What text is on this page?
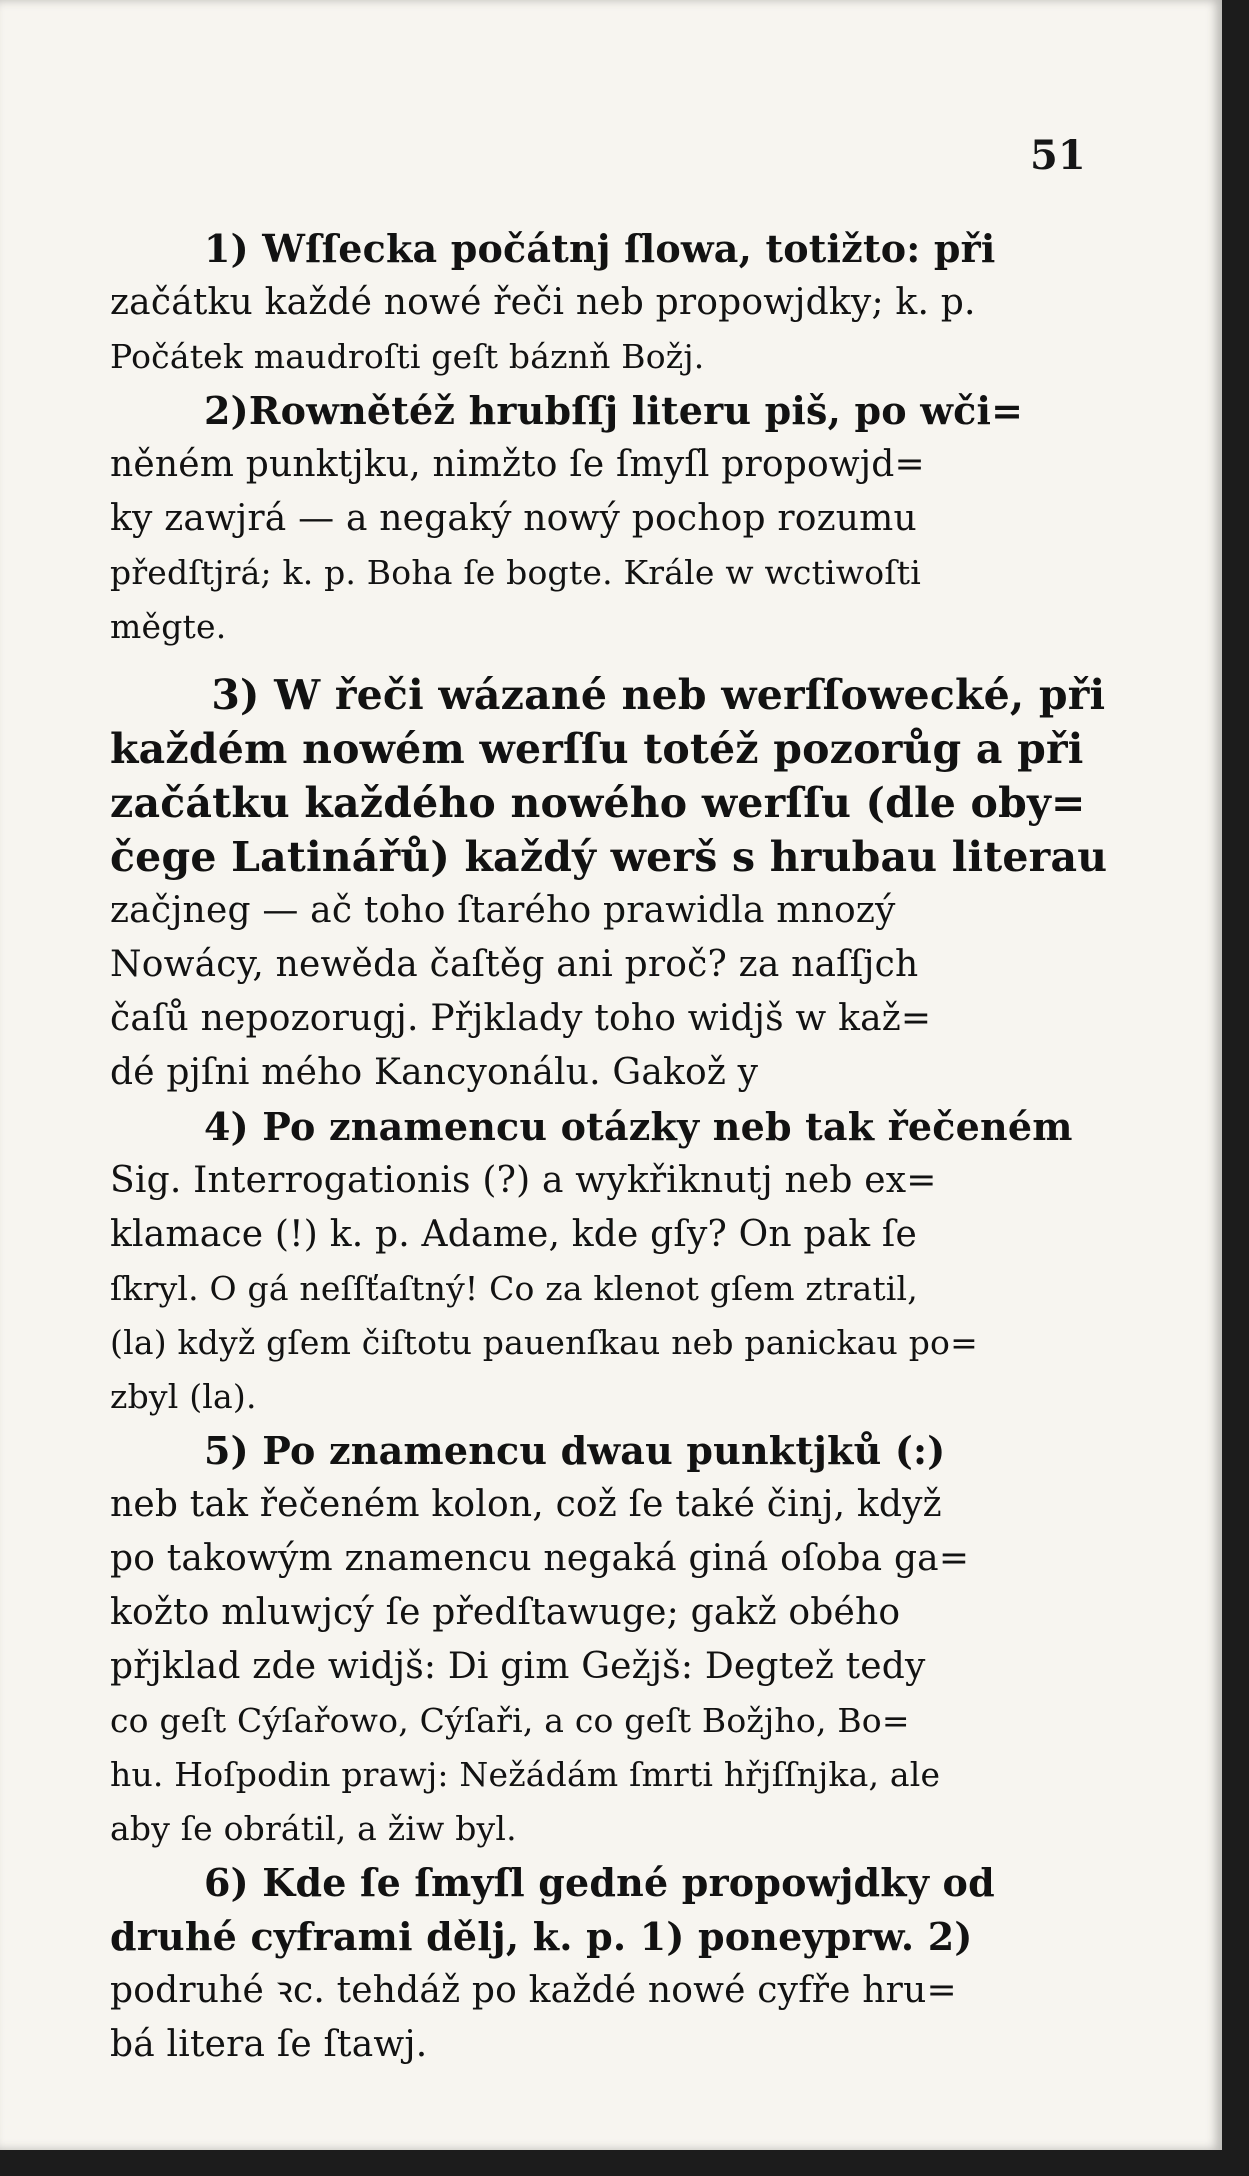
51
1) Wſſecka počátnj ſlowa, totižto: při
začátku každé nowé řeči neb propowjdky; k. p.
Počátek maudroſti geſt báznň Božj.
2)Rownětéž hrubſſj literu piš, po wči=
něném punktjku, nimžto ſe ſmyſl propowjd=
ky zawjrá — a negaký nowý pochop rozumu
předſtjrá; k. p. Boha ſe bogte. Krále w wctiwoſti
měgte.
3) W řeči wázané neb werſſowecké, při
každém nowém werſſu totéž pozorůg a při
začátku každého nowého werſſu (dle oby=
čege Latinářů) každý werš s hrubau literau
začjneg — ač toho ſtarého prawidla mnozý
Nowácy, newěda čaſtěg ani proč? za naſſjch
čaſů nepozorugj. Přjklady toho widjš w kaž=
dé pjſni mého Kancyonálu. Gakož y
4) Po znamencu otázky neb tak řečeném
Sig. Interrogationis (?) a wykřiknutj neb ex=
klamace (!) k. p. Adame, kde gſy? On pak ſe
ſkryl. O gá neſſťaſtný! Co za klenot gſem ztratil,
(la) když gſem čiſtotu pauenſkau neb panickau po=
zbyl (la).
5) Po znamencu dwau punktjků (:)
neb tak řečeném kolon, což ſe také činj, když
po takowým znamencu negaká giná oſoba ga=
kožto mluwjcý ſe předſtawuge; gakž obého
přjklad zde widjš: Di gim Gežjš: Degtež tedy
co geſt Cýſařowo, Cýſaři, a co geſt Božjho, Bo=
hu. Hoſpodin prawj: Nežádám ſmrti hřjſſnjka, ale
aby ſe obrátil, a žiw byl.
6) Kde ſe ſmyſl gedné propowjdky od
druhé cyframi dělj, k. p. 1) poneyprw. 2)
podruhé ꝛc. tehdáž po každé nowé cyfře hru=
bá litera ſe ſtawj.
